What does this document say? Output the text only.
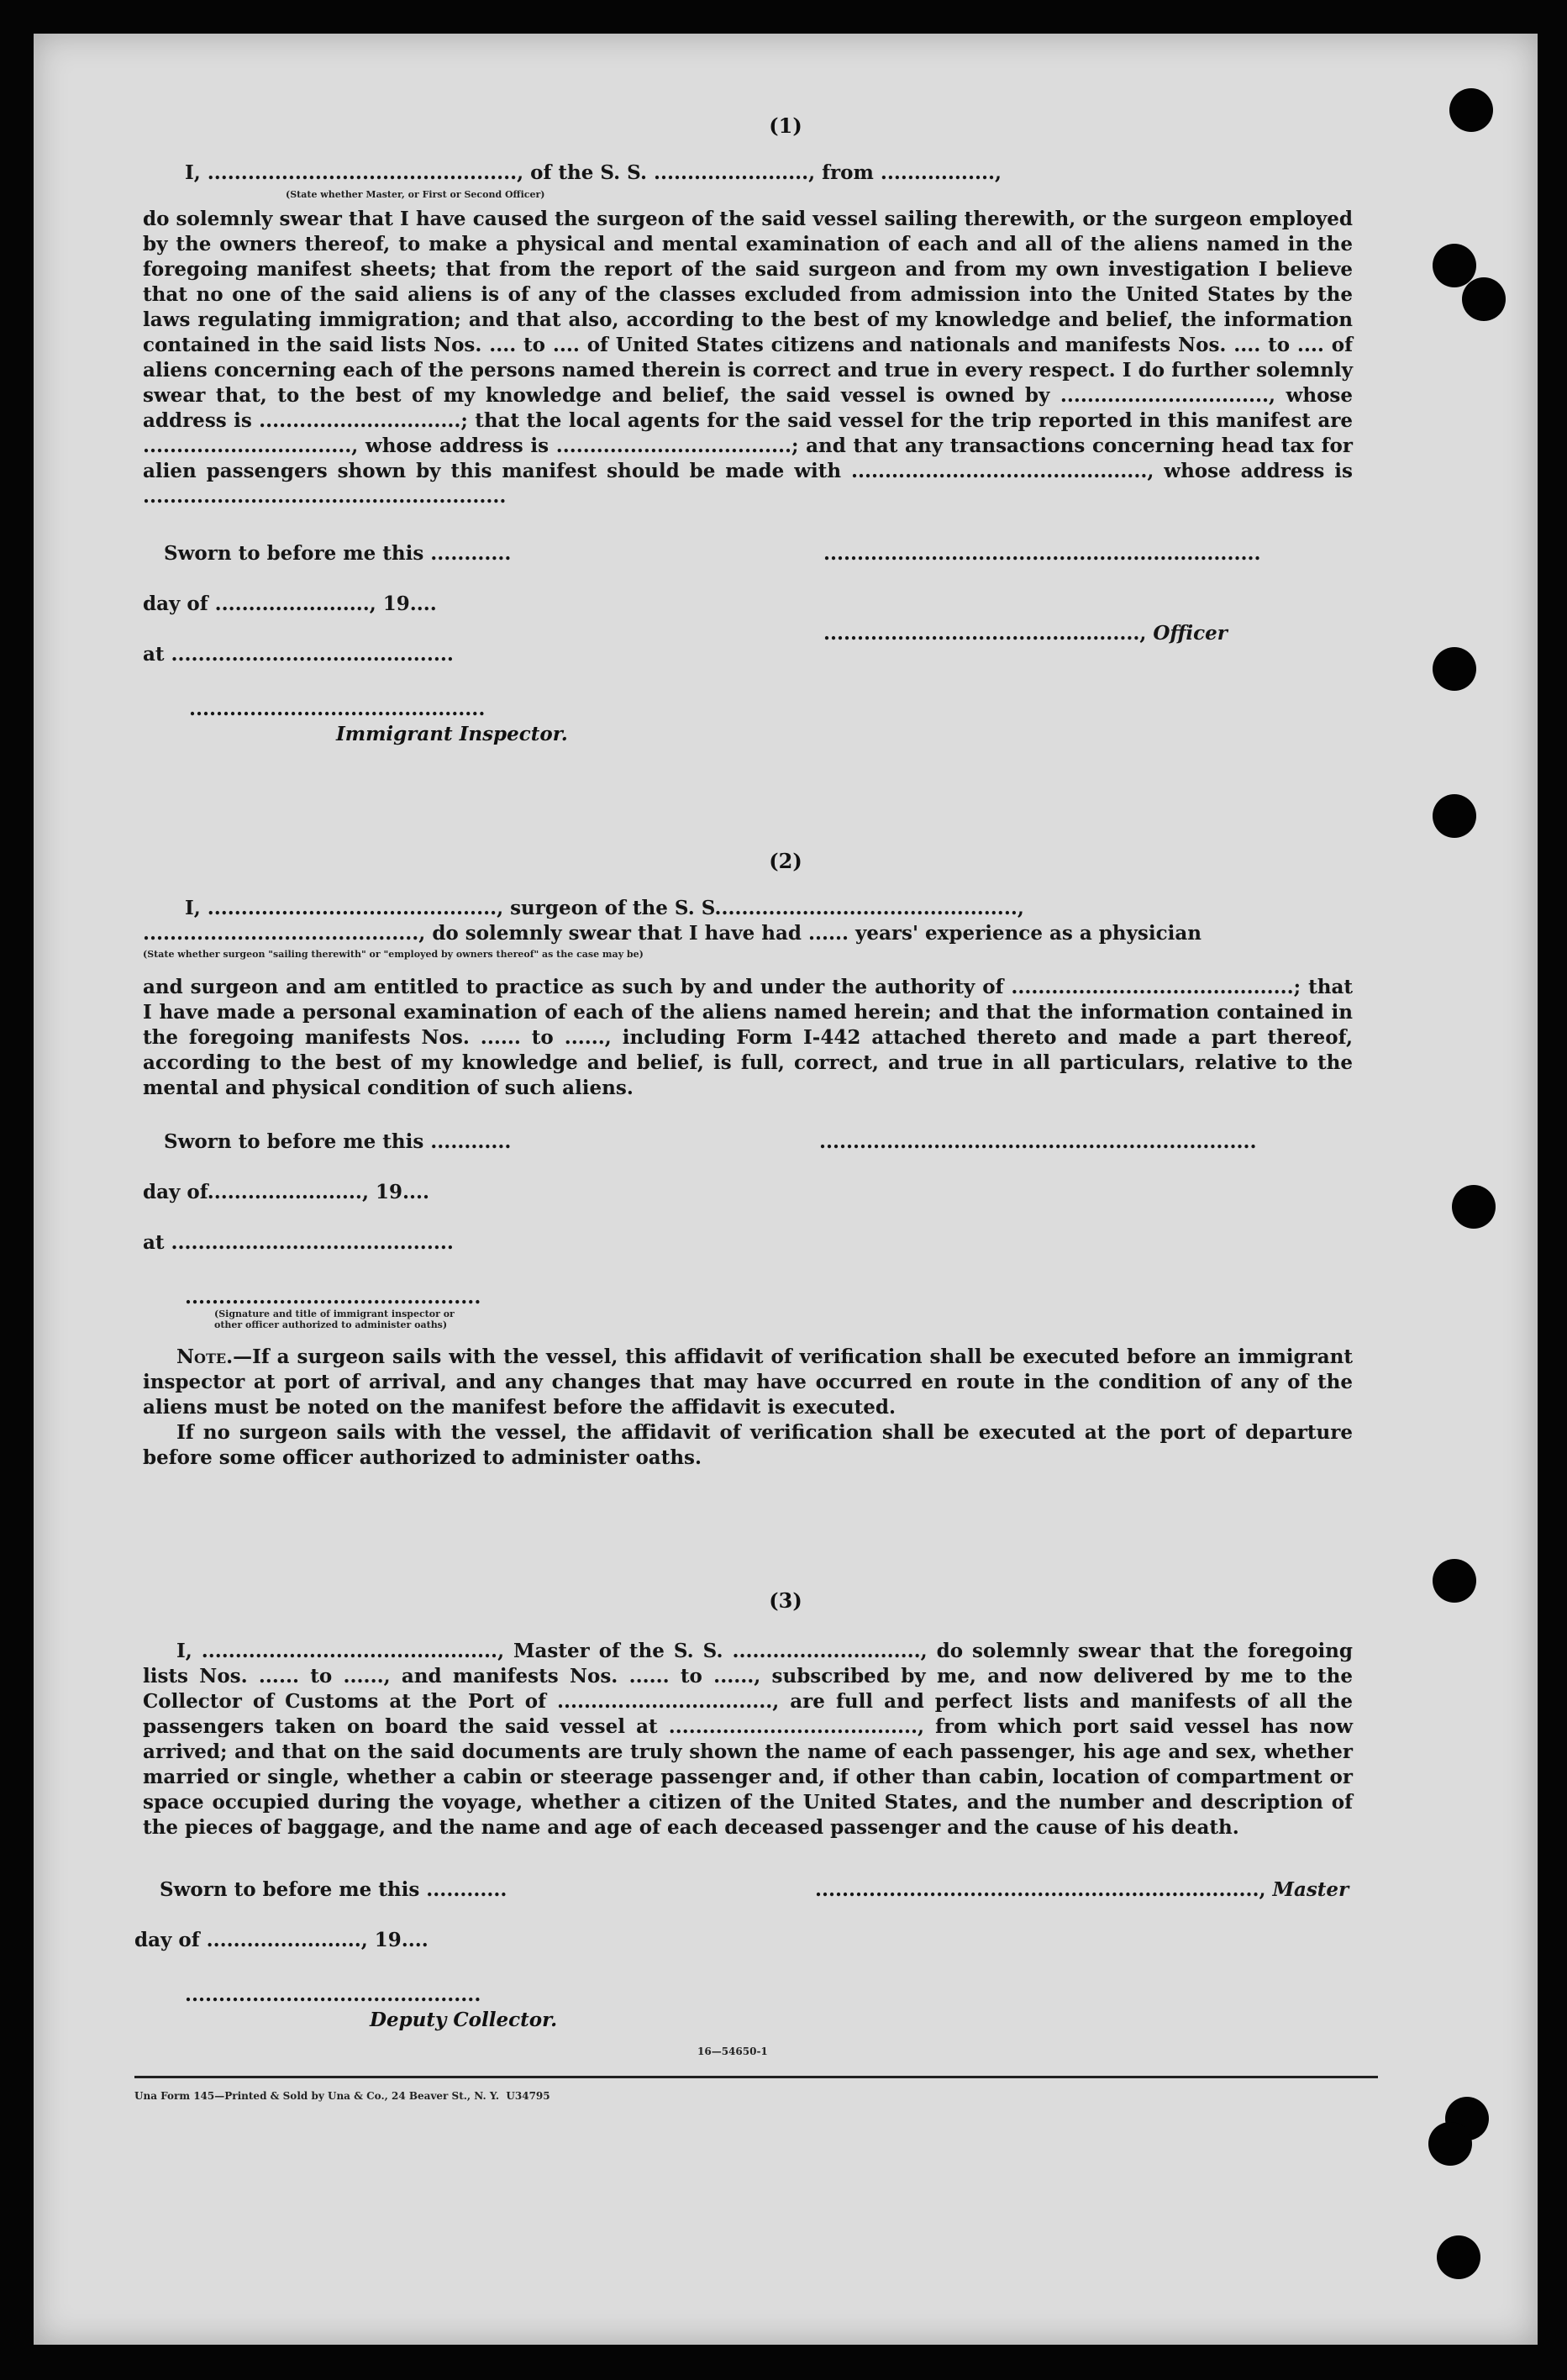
(1)
I, .............................................., of the S. S. ......................., from .................,
(State whether Master, or First or Second Officer)
do solemnly swear that I have caused the surgeon of the said vessel sailing therewith, or the surgeon employed by the owners thereof, to make a physical and mental examination of each and all of the aliens named in the foregoing manifest sheets; that from the report of the said surgeon and from my own investigation I believe that no one of the said aliens is of any of the classes excluded from admission into the United States by the laws regulating immigration; and that also, according to the best of my knowledge and belief, the information contained in the said lists Nos. .... to .... of United States citizens and nationals and manifests Nos. .... to .... of aliens concerning each of the persons named therein is correct and true in every respect. I do further solemnly swear that, to the best of my knowledge and belief, the said vessel is owned by ..............................., whose address is ..............................; that the local agents for the said vessel for the trip reported in this manifest are ..............................., whose address is ...................................; and that any transactions concerning head tax for alien passengers shown by this manifest should be made with ............................................, whose address is ......................................................
Sworn to before me this ............	.................................................................
day of ......................., 19....
..............................................., Officer
at ..........................................
............................................
Immigrant Inspector.
(2)
I, ..........................................., surgeon of the S. S.............................................,
........................................., do solemnly swear that I have had ...... years' experience as a physician
(State whether surgeon "sailing therewith" or "employed by owners thereof" as the case may be)
and surgeon and am entitled to practice as such by and under the authority of ..........................................; that I have made a personal examination of each of the aliens named herein; and that the information contained in the foregoing manifests Nos. ...... to ......, including Form I-442 attached thereto and made a part thereof, according to the best of my knowledge and belief, is full, correct, and true in all particulars, relative to the mental and physical condition of such aliens.
Sworn to before me this ............	.................................................................
day of......................., 19....
at ..........................................
............................................
(Signature and title of immigrant inspector or
other officer authorized to administer oaths)
Note.—If a surgeon sails with the vessel, this affidavit of verification shall be executed before an immigrant inspector at port of arrival, and any changes that may have occurred en route in the condition of any of the aliens must be noted on the manifest before the affidavit is executed.
If no surgeon sails with the vessel, the affidavit of verification shall be executed at the port of departure before some officer authorized to administer oaths.
(3)
I, ............................................, Master of the S. S. ............................, do solemnly swear that the foregoing lists Nos. ...... to ......, and manifests Nos. ...... to ......, subscribed by me, and now delivered by me to the Collector of Customs at the Port of ................................, are full and perfect lists and manifests of all the passengers taken on board the said vessel at ....................................., from which port said vessel has now arrived; and that on the said documents are truly shown the name of each passenger, his age and sex, whether married or single, whether a cabin or steerage passenger and, if other than cabin, location of compartment or space occupied during the voyage, whether a citizen of the United States, and the number and description of the pieces of baggage, and the name and age of each deceased passenger and the cause of his death.
Sworn to before me this ............	.................................................................., Master
day of ......................., 19....
............................................
Deputy Collector.
16—54650-1
Una Form 145—Printed & Sold by Una & Co., 24 Beaver St., N. Y.  U34795
